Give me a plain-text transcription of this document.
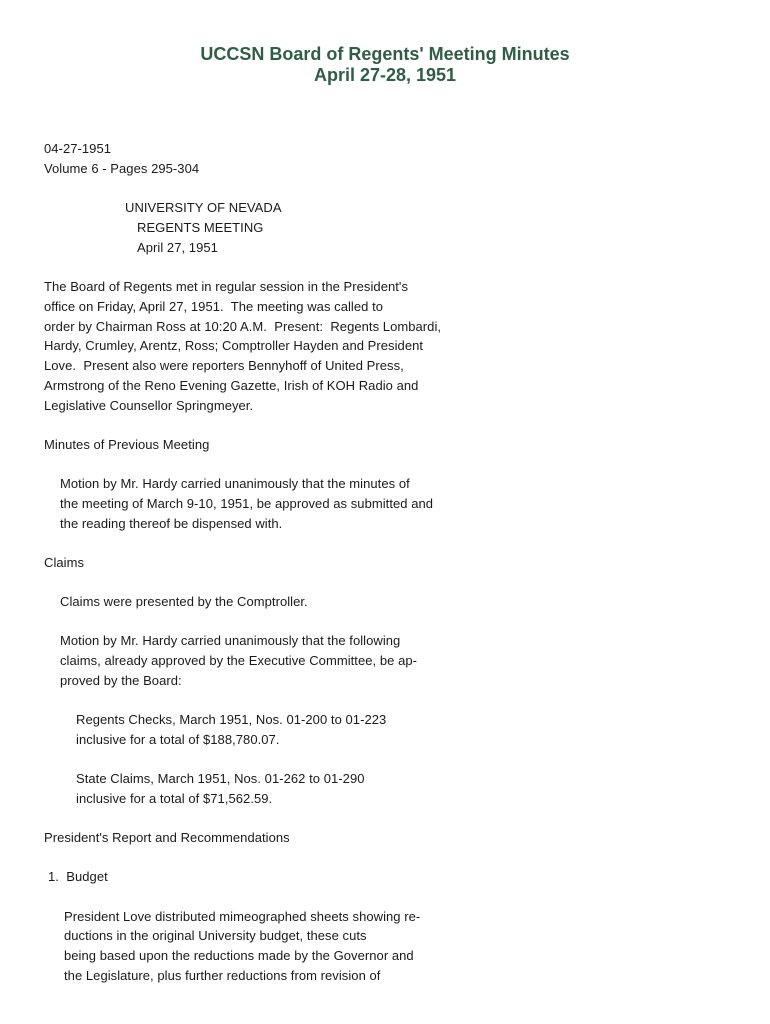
UCCSN Board of Regents' Meeting Minutes
April 27-28, 1951
04-27-1951
Volume 6 - Pages 295-304
UNIVERSITY OF NEVADA
REGENTS MEETING
April 27, 1951
The Board of Regents met in regular session in the President's
office on Friday, April 27, 1951.  The meeting was called to
order by Chairman Ross at 10:20 A.M.  Present:  Regents Lombardi,
Hardy, Crumley, Arentz, Ross; Comptroller Hayden and President
Love.  Present also were reporters Bennyhoff of United Press,
Armstrong of the Reno Evening Gazette, Irish of KOH Radio and
Legislative Counsellor Springmeyer.
Minutes of Previous Meeting
Motion by Mr. Hardy carried unanimously that the minutes of
the meeting of March 9-10, 1951, be approved as submitted and
the reading thereof be dispensed with.
Claims
Claims were presented by the Comptroller.
Motion by Mr. Hardy carried unanimously that the following
claims, already approved by the Executive Committee, be ap-
proved by the Board:
Regents Checks, March 1951, Nos. 01-200 to 01-223
inclusive for a total of $188,780.07.
State Claims, March 1951, Nos. 01-262 to 01-290
inclusive for a total of $71,562.59.
President's Report and Recommendations
1.  Budget
President Love distributed mimeographed sheets showing re-
ductions in the original University budget, these cuts
being based upon the reductions made by the Governor and
the Legislature, plus further reductions from revision of
